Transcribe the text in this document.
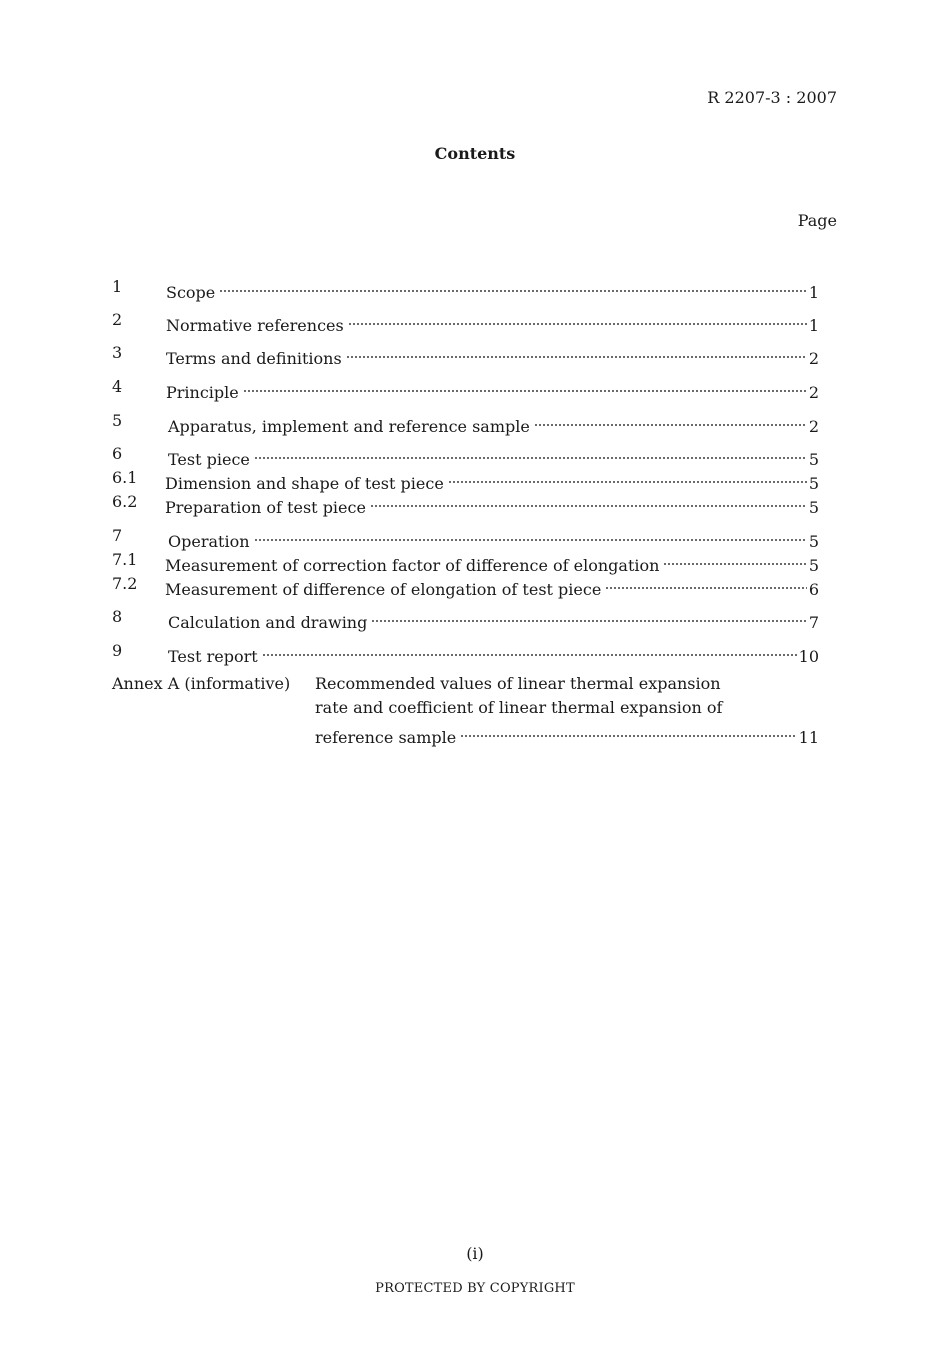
R 2207-3 : 2007
Contents
Page
1	Scope	1
2	Normative references	1
3	Terms and definitions	2
4	Principle	2
5	Apparatus, implement and reference sample	2
6	Test piece	5
6.1 Dimension and shape of test piece	5
6.2 Preparation of test piece	5
7	Operation	5
7.1 Measurement of correction factor of difference of elongation	5
7.2 Measurement of difference of elongation of test piece	6
8	Calculation and drawing	7
9	Test report	10
Annex A (informative) Recommended values of linear thermal expansion
rate and coefficient of linear thermal expansion of
reference sample	11
(i)
PROTECTED BY COPYRIGHT
